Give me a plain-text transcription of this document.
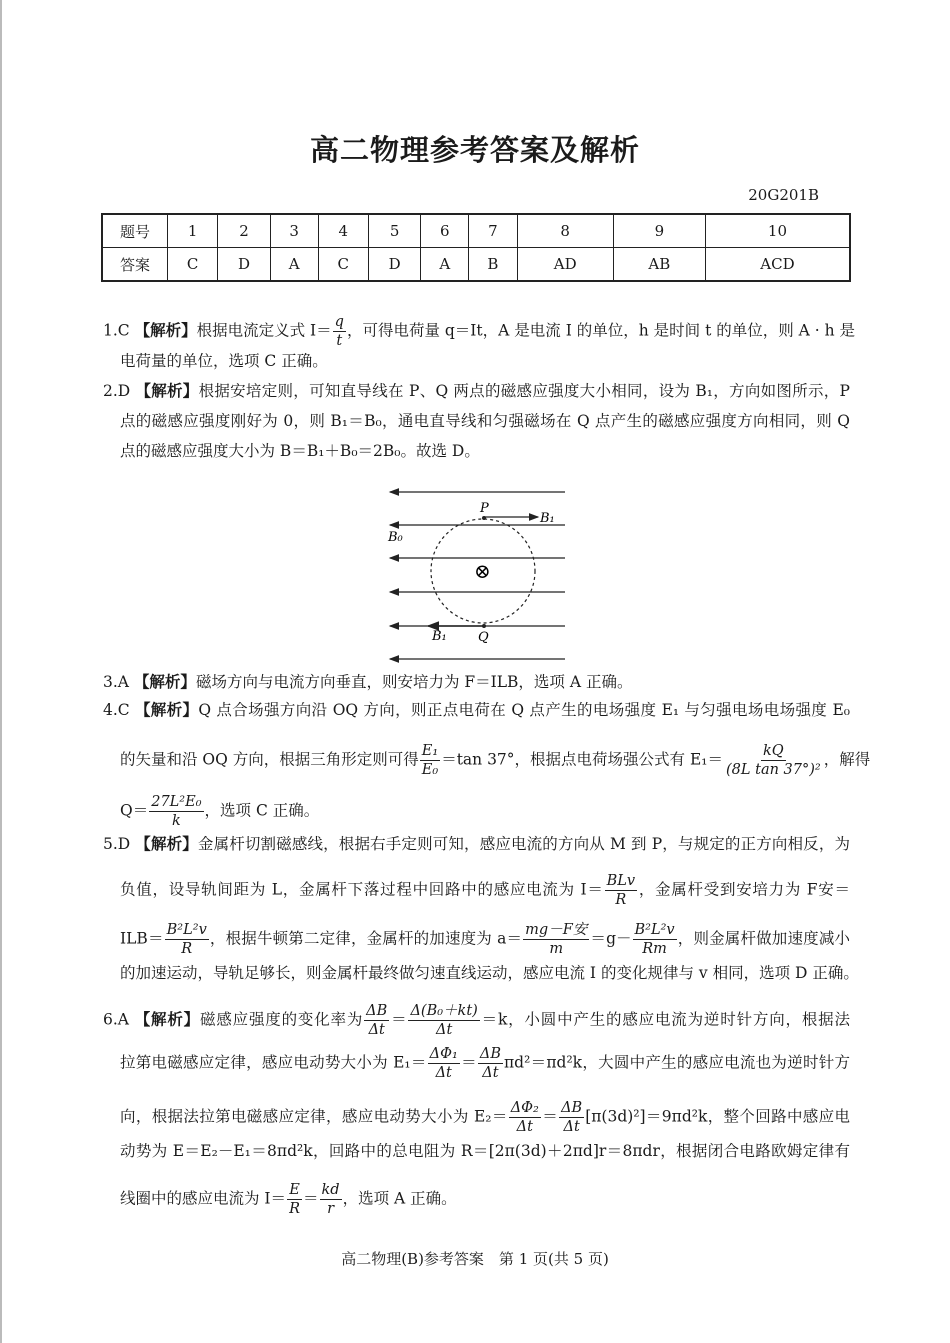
高二物理参考答案及解析
20G201B
题号	1	2	3	4	5	6	7	8	9	10
答案	C	D	A	C	D	A	B	AD	AB	ACD
1.C 【解析】根据电流定义式 $I= \frac{q}{t}$ ，可得电荷量 q＝It，A 是电流 I 的单位，h 是时间 t 的单位，则 A · h 是
电荷量的单位，选项 C 正确。
2.D 【解析】根据安培定则，可知直导线在 P、Q 两点的磁感应强度大小相同，设为 B₁，方向如图所示，P
点的磁感应强度刚好为 0，则 B₁＝B₀，通电直导线和匀强磁场在 Q 点产生的磁感应强度方向相同，则 Q
点的磁感应强度大小为 B＝B₁＋B₀＝2B₀。故选 D。
3.A 【解析】磁场方向与电流方向垂直，则安培力为 F＝ILB，选项 A 正确。
4.C 【解析】Q 点合场强方向沿 OQ 方向，则正点电荷在 Q 点产生的电场强度 E₁ 与匀强电场电场强度 E₀
的矢量和沿 OQ 方向，根据三角形定则可得 $\frac{\text{E₁}}{\text{E₀}} =\tan$ 37°，根据点电荷场强公式有 $E_1= \frac{kQ}{\text{(8L tan 37°)²}}$ ，解得
$Q= \frac{\text{27L²E₀}}{k}$ ，选项 C 正确。
5.D 【解析】金属杆切割磁感线，根据右手定则可知，感应电流的方向从 M 到 P，与规定的正方向相反，为
负值，设导轨间距为 L，金属杆下落过程中回路中的感应电流为 $I= \frac{\text{BLv}}{R}$ ，金属杆受到安培力为 F安＝
$ILB= \frac{\text{B²L²v}}{R}$ ，根据牛顿第二定律，金属杆的加速度为 $a= \frac{\text{mg－F安}}{m} =g- \frac{\text{B²L²v}}{Rm}$ ，则金属杆做加速度减小
的加速运动，导轨足够长，则金属杆最终做匀速直线运动，感应电流 I 的变化规律与 v 相同，选项 D 正确。
6.A 【解析】磁感应强度的变化率为 $\frac{\Delta B}{\Delta t} = \frac{\text{Δ(B₀＋kt)}}{\Delta t} =k$，小圆中产生的感应电流为逆时针方向，根据法
拉第电磁感应定律，感应电动势大小为 $E_1= \frac{\text{ΔΦ₁}}{\Delta t} = \frac{\Delta B}{\Delta t} \pi d^2=\pi d^2k$，大圆中产生的感应电流也为逆时针方
向，根据法拉第电磁感应定律，感应电动势大小为 $E_2= \frac{\text{ΔΦ₂}}{\Delta t} = \frac{\Delta B}{\Delta t} [\pi(3d)^2]=9\pi d^2k$，整个回路中感应电
动势为 E＝E₂－E₁＝8πd²k，回路中的总电阻为 R＝[2π(3d)＋2πd]r＝8πdr，根据闭合电路欧姆定律有
线圈中的感应电流为 $I= \frac{E}{R} = \frac{kd}{r}$ ，选项 A 正确。
P
B₁
B₀
B₁ Q
⊗
高二物理(B)参考答案　第 1 页(共 5 页)
